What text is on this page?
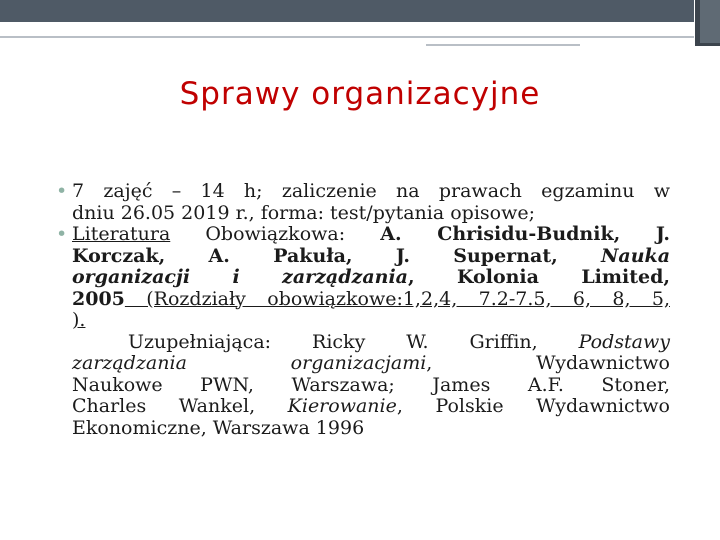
Sprawy organizacyjne
• 7 zajęć – 14 h; zaliczenie na prawach egzaminu w
dniu 26.05 2019 r., forma: test/pytania opisowe;
• Literatura Obowiązkowa: A. Chrisidu-Budnik, J.
Korczak, A. Pakuła, J. Supernat, Nauka
organizacji i zarządzania, Kolonia Limited,
2005 (Rozdziały obowiązkowe:1,2,4, 7.2-7.5, 6, 8, 5,
).
Uzupełniająca: Ricky W. Griffin, Podstawy
zarządzania organizacjami, Wydawnictwo
Naukowe PWN, Warszawa; James A.F. Stoner,
Charles Wankel, Kierowanie, Polskie Wydawnictwo
Ekonomiczne, Warszawa 1996
